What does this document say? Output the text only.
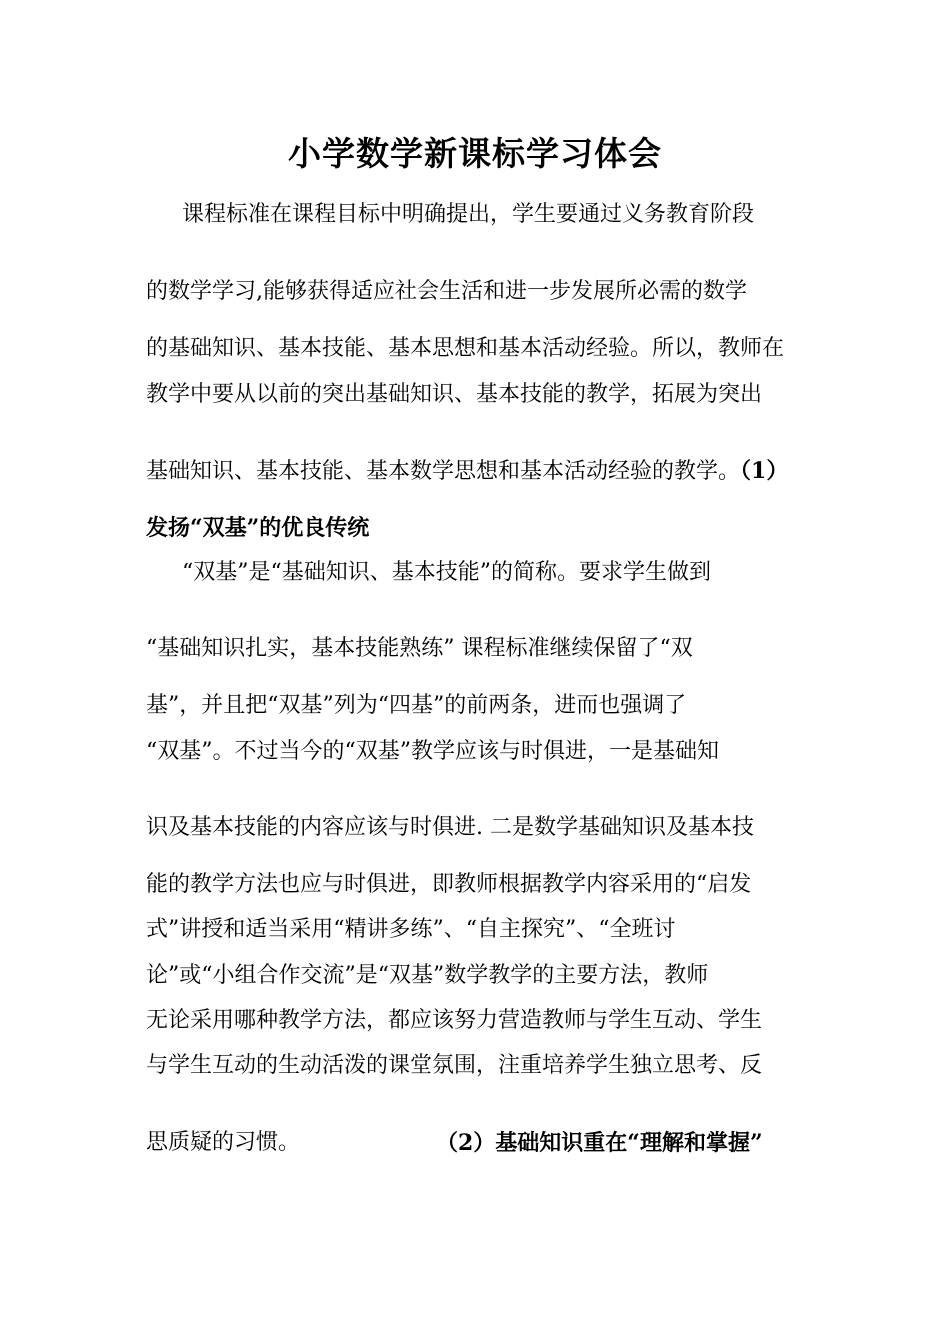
小学数学新课标学习体会
课程标准在课程目标中明确提出，学生要通过义务教育阶段
的数学学习,能够获得适应社会生活和进一步发展所必需的数学
的基础知识、基本技能、基本思想和基本活动经验。所以，教师在
教学中要从以前的突出基础知识、基本技能的教学，拓展为突出
基础知识、基本技能、基本数学思想和基本活动经验的教学。（1）
发扬“双基”的优良传统
“双基”是“基础知识、基本技能”的简称。要求学生做到
“基础知识扎实，基本技能熟练” 课程标准继续保留了“双
基”，并且把“双基”列为“四基”的前两条，进而也强调了
“双基”。不过当今的“双基”教学应该与时俱进，一是基础知
识及基本技能的内容应该与时俱进. 二是数学基础知识及基本技
能的教学方法也应与时俱进，即教师根据教学内容采用的“启发
式”讲授和适当采用“精讲多练”、“自主探究”、“全班讨
论”或“小组合作交流”是“双基”数学教学的主要方法，教师
无论采用哪种教学方法，都应该努力营造教师与学生互动、学生
与学生互动的生动活泼的课堂氛围，注重培养学生独立思考、反
思质疑的习惯。	（2）基础知识重在“理解和掌握”
